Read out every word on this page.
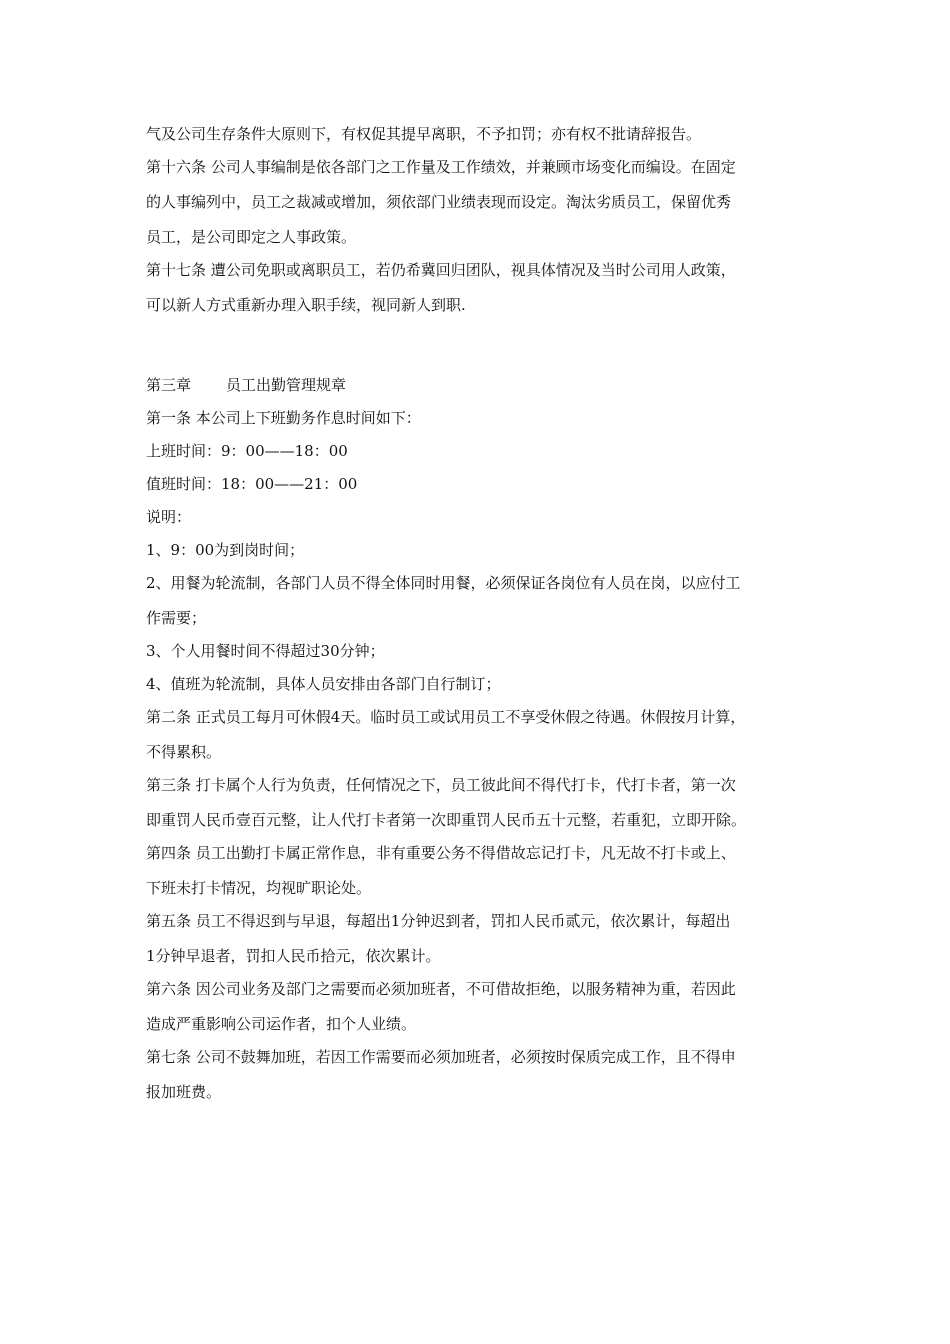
气及公司生存条件大原则下，有权促其提早离职，不予扣罚；亦有权不批请辞报告。

第十六条 公司人事编制是依各部门之工作量及工作绩效，并兼顾市场变化而编设。在固定

的人事编列中，员工之裁减或增加，须依部门业绩表现而设定。淘汰劣质员工，保留优秀

员工，是公司即定之人事政策。

第十七条 遭公司免职或离职员工，若仍希冀回归团队，视具体情况及当时公司用人政策，

可以新人方式重新办理入职手续，视同新人到职.

第三章	员工出勤管理规章

第一条 本公司上下班勤务作息时间如下：

上班时间：9：00——18：00

值班时间：18：00——21：00

说明：

1、9：00为到岗时间；

2、用餐为轮流制，各部门人员不得全体同时用餐，必须保证各岗位有人员在岗，以应付工

作需要；

3、个人用餐时间不得超过30分钟；

4、值班为轮流制，具体人员安排由各部门自行制订；

第二条 正式员工每月可休假4天。临时员工或试用员工不享受休假之待遇。休假按月计算，

不得累积。

第三条 打卡属个人行为负责，任何情况之下，员工彼此间不得代打卡，代打卡者，第一次

即重罚人民币壹百元整，让人代打卡者第一次即重罚人民币五十元整，若重犯，立即开除。

第四条 员工出勤打卡属正常作息，非有重要公务不得借故忘记打卡，凡无故不打卡或上、

下班未打卡情况，均视旷职论处。

第五条 员工不得迟到与早退，每超出1分钟迟到者，罚扣人民币贰元，依次累计，每超出

1分钟早退者，罚扣人民币拾元，依次累计。

第六条 因公司业务及部门之需要而必须加班者，不可借故拒绝，以服务精神为重，若因此

造成严重影响公司运作者，扣个人业绩。

第七条 公司不鼓舞加班，若因工作需要而必须加班者，必须按时保质完成工作，且不得申

报加班费。
